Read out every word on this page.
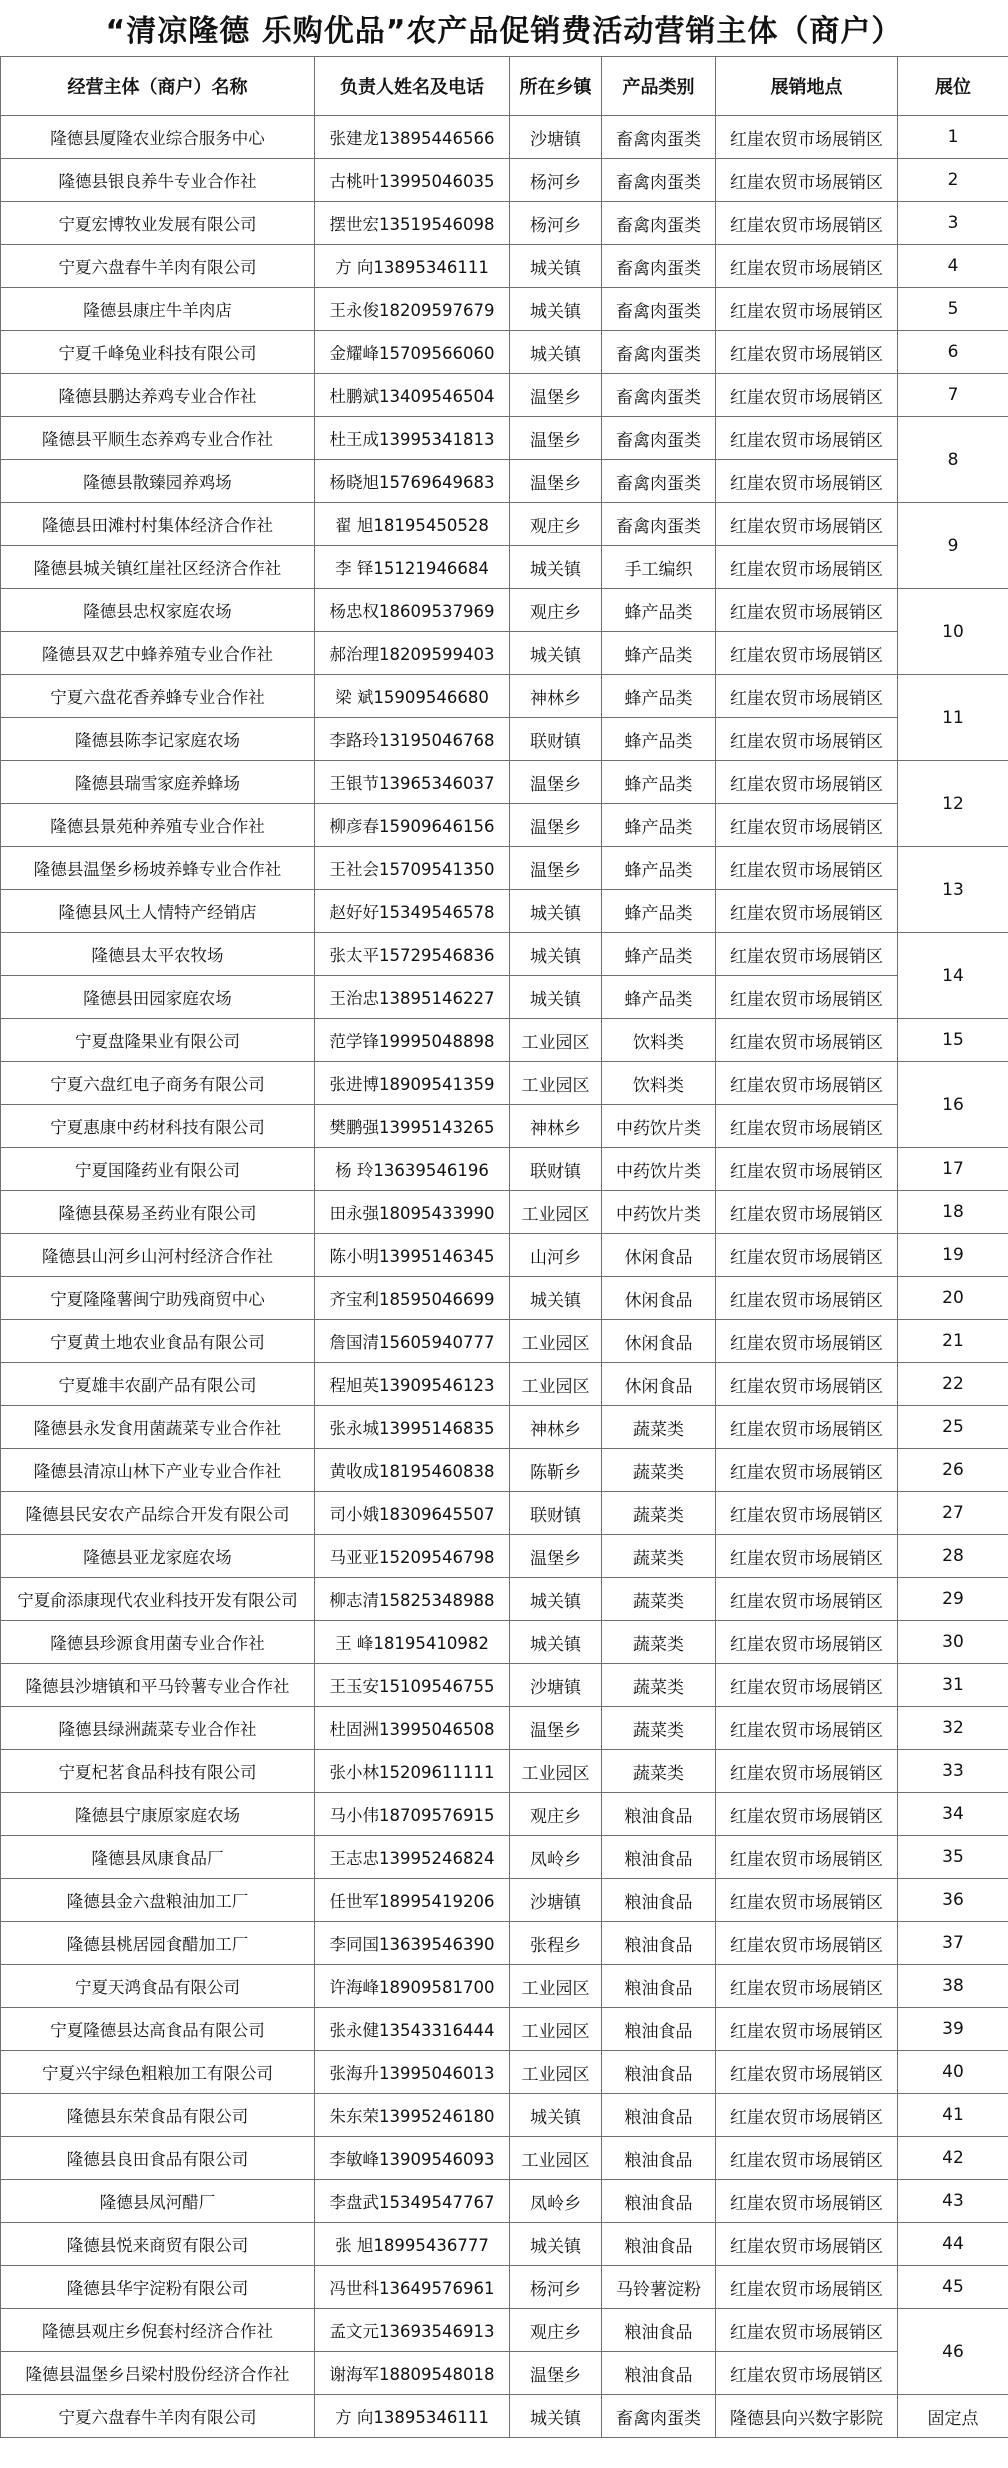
“清凉隆德 乐购优品”农产品促销费活动营销主体（商户）
经营主体（商户）名称	负责人姓名及电话	所在乡镇	产品类别	展销地点	展位
隆德县厦隆农业综合服务中心	张建龙13895446566	沙塘镇	畜禽肉蛋类	红崖农贸市场展销区	1
隆德县银良养牛专业合作社	古桃叶13995046035	杨河乡	畜禽肉蛋类	红崖农贸市场展销区	2
宁夏宏博牧业发展有限公司	摆世宏13519546098	杨河乡	畜禽肉蛋类	红崖农贸市场展销区	3
宁夏六盘春牛羊肉有限公司	方 向13895346111	城关镇	畜禽肉蛋类	红崖农贸市场展销区	4
隆德县康庄牛羊肉店	王永俊18209597679	城关镇	畜禽肉蛋类	红崖农贸市场展销区	5
宁夏千峰兔业科技有限公司	金耀峰15709566060	城关镇	畜禽肉蛋类	红崖农贸市场展销区	6
隆德县鹏达养鸡专业合作社	杜鹏斌13409546504	温堡乡	畜禽肉蛋类	红崖农贸市场展销区	7
隆德县平顺生态养鸡专业合作社	杜王成13995341813	温堡乡	畜禽肉蛋类	红崖农贸市场展销区	8
隆德县散臻园养鸡场	杨晓旭15769649683	温堡乡	畜禽肉蛋类	红崖农贸市场展销区	
隆德县田滩村村集体经济合作社	翟 旭18195450528	观庄乡	畜禽肉蛋类	红崖农贸市场展销区	9
隆德县城关镇红崖社区经济合作社	李 铎15121946684	城关镇	手工编织	红崖农贸市场展销区	
隆德县忠权家庭农场	杨忠权18609537969	观庄乡	蜂产品类	红崖农贸市场展销区	10
隆德县双艺中蜂养殖专业合作社	郝治理18209599403	城关镇	蜂产品类	红崖农贸市场展销区	
宁夏六盘花香养蜂专业合作社	梁 斌15909546680	神林乡	蜂产品类	红崖农贸市场展销区	11
隆德县陈李记家庭农场	李路玲13195046768	联财镇	蜂产品类	红崖农贸市场展销区	
隆德县瑞雪家庭养蜂场	王银节13965346037	温堡乡	蜂产品类	红崖农贸市场展销区	12
隆德县景苑种养殖专业合作社	柳彦春15909646156	温堡乡	蜂产品类	红崖农贸市场展销区	
隆德县温堡乡杨坡养蜂专业合作社	王社会15709541350	温堡乡	蜂产品类	红崖农贸市场展销区	13
隆德县风土人情特产经销店	赵好好15349546578	城关镇	蜂产品类	红崖农贸市场展销区	
隆德县太平农牧场	张太平15729546836	城关镇	蜂产品类	红崖农贸市场展销区	14
隆德县田园家庭农场	王治忠13895146227	城关镇	蜂产品类	红崖农贸市场展销区	
宁夏盘隆果业有限公司	范学锋19995048898	工业园区	饮料类	红崖农贸市场展销区	15
宁夏六盘红电子商务有限公司	张进博18909541359	工业园区	饮料类	红崖农贸市场展销区	16
宁夏惠康中药材科技有限公司	樊鹏强13995143265	神林乡	中药饮片类	红崖农贸市场展销区	
宁夏国隆药业有限公司	杨 玲13639546196	联财镇	中药饮片类	红崖农贸市场展销区	17
隆德县葆易圣药业有限公司	田永强18095433990	工业园区	中药饮片类	红崖农贸市场展销区	18
隆德县山河乡山河村经济合作社	陈小明13995146345	山河乡	休闲食品	红崖农贸市场展销区	19
宁夏隆隆薯闽宁助残商贸中心	齐宝利18595046699	城关镇	休闲食品	红崖农贸市场展销区	20
宁夏黄土地农业食品有限公司	詹国清15605940777	工业园区	休闲食品	红崖农贸市场展销区	21
宁夏雄丰农副产品有限公司	程旭英13909546123	工业园区	休闲食品	红崖农贸市场展销区	22
隆德县永发食用菌蔬菜专业合作社	张永城13995146835	神林乡	蔬菜类	红崖农贸市场展销区	25
隆德县清凉山林下产业专业合作社	黄收成18195460838	陈靳乡	蔬菜类	红崖农贸市场展销区	26
隆德县民安农产品综合开发有限公司	司小娥18309645507	联财镇	蔬菜类	红崖农贸市场展销区	27
隆德县亚龙家庭农场	马亚亚15209546798	温堡乡	蔬菜类	红崖农贸市场展销区	28
宁夏俞添康现代农业科技开发有限公司	柳志清15825348988	城关镇	蔬菜类	红崖农贸市场展销区	29
隆德县珍源食用菌专业合作社	王 峰18195410982	城关镇	蔬菜类	红崖农贸市场展销区	30
隆德县沙塘镇和平马铃薯专业合作社	王玉安15109546755	沙塘镇	蔬菜类	红崖农贸市场展销区	31
隆德县绿洲蔬菜专业合作社	杜固洲13995046508	温堡乡	蔬菜类	红崖农贸市场展销区	32
宁夏杞茗食品科技有限公司	张小林15209611111	工业园区	蔬菜类	红崖农贸市场展销区	33
隆德县宁康原家庭农场	马小伟18709576915	观庄乡	粮油食品	红崖农贸市场展销区	34
隆德县凤康食品厂	王志忠13995246824	凤岭乡	粮油食品	红崖农贸市场展销区	35
隆德县金六盘粮油加工厂	任世军18995419206	沙塘镇	粮油食品	红崖农贸市场展销区	36
隆德县桃居园食醋加工厂	李同国13639546390	张程乡	粮油食品	红崖农贸市场展销区	37
宁夏天鸿食品有限公司	许海峰18909581700	工业园区	粮油食品	红崖农贸市场展销区	38
宁夏隆德县达高食品有限公司	张永健13543316444	工业园区	粮油食品	红崖农贸市场展销区	39
宁夏兴宇绿色粗粮加工有限公司	张海升13995046013	工业园区	粮油食品	红崖农贸市场展销区	40
隆德县东荣食品有限公司	朱东荣13995246180	城关镇	粮油食品	红崖农贸市场展销区	41
隆德县良田食品有限公司	李敏峰13909546093	工业园区	粮油食品	红崖农贸市场展销区	42
隆德县凤河醋厂	李盘武15349547767	凤岭乡	粮油食品	红崖农贸市场展销区	43
隆德县悦来商贸有限公司	张 旭18995436777	城关镇	粮油食品	红崖农贸市场展销区	44
隆德县华宇淀粉有限公司	冯世科13649576961	杨河乡	马铃薯淀粉	红崖农贸市场展销区	45
隆德县观庄乡倪套村经济合作社	孟文元13693546913	观庄乡	粮油食品	红崖农贸市场展销区	46
隆德县温堡乡吕梁村股份经济合作社	谢海军18809548018	温堡乡	粮油食品	红崖农贸市场展销区	
宁夏六盘春牛羊肉有限公司	方 向13895346111	城关镇	畜禽肉蛋类	隆德县向兴数字影院	固定点
